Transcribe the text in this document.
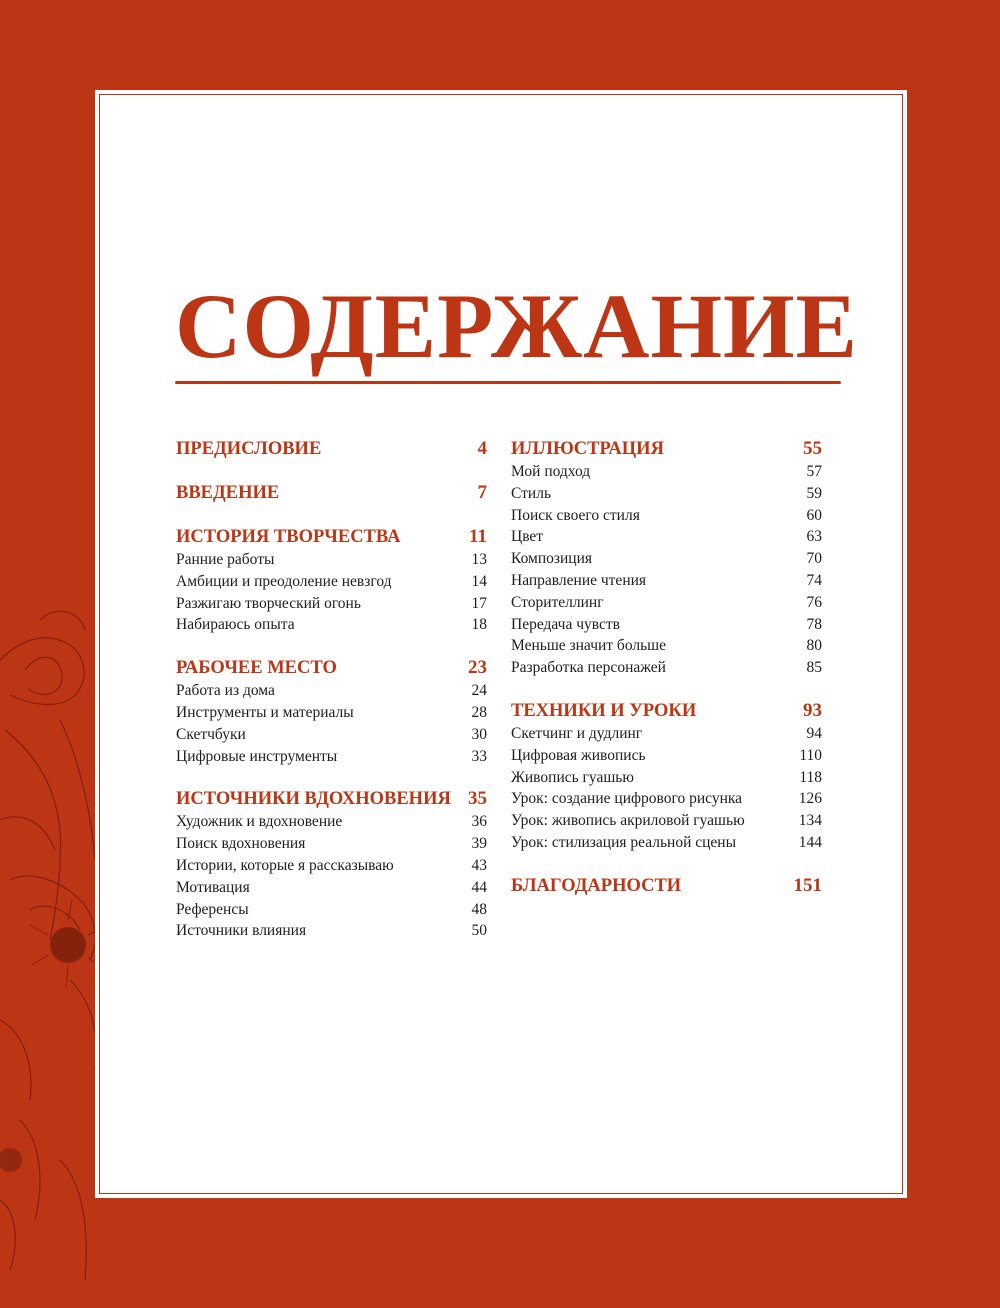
СОДЕРЖАНИЕ
ПРЕДИСЛОВИЕ	4
ВВЕДЕНИЕ	7
ИСТОРИЯ ТВОРЧЕСТВА	11
Ранние работы	13
Амбиции и преодоление невзгод	14
Разжигаю творческий огонь	17
Набираюсь опыта	18
РАБОЧЕЕ МЕСТО	23
Работа из дома	24
Инструменты и материалы	28
Скетчбуки	30
Цифровые инструменты	33
ИСТОЧНИКИ ВДОХНОВЕНИЯ 35
Художник и вдохновение	36
Поиск вдохновения	39
Истории, которые я рассказываю	43
Мотивация	44
Референсы	48
Источники влияния	50
ИЛЛЮСТРАЦИЯ	55
Мой подход	57
Стиль	59
Поиск своего стиля	60
Цвет	63
Композиция	70
Направление чтения	74
Сторителлинг	76
Передача чувств	78
Меньше значит больше	80
Разработка персонажей	85
ТЕХНИКИ И УРОКИ	93
Скетчинг и дудлинг	94
Цифровая живопись	110
Живопись гуашью	118
Урок: создание цифрового рисунка	126
Урок: живопись акриловой гуашью	134
Урок: стилизация реальной сцены	144
БЛАГОДАРНОСТИ	151
